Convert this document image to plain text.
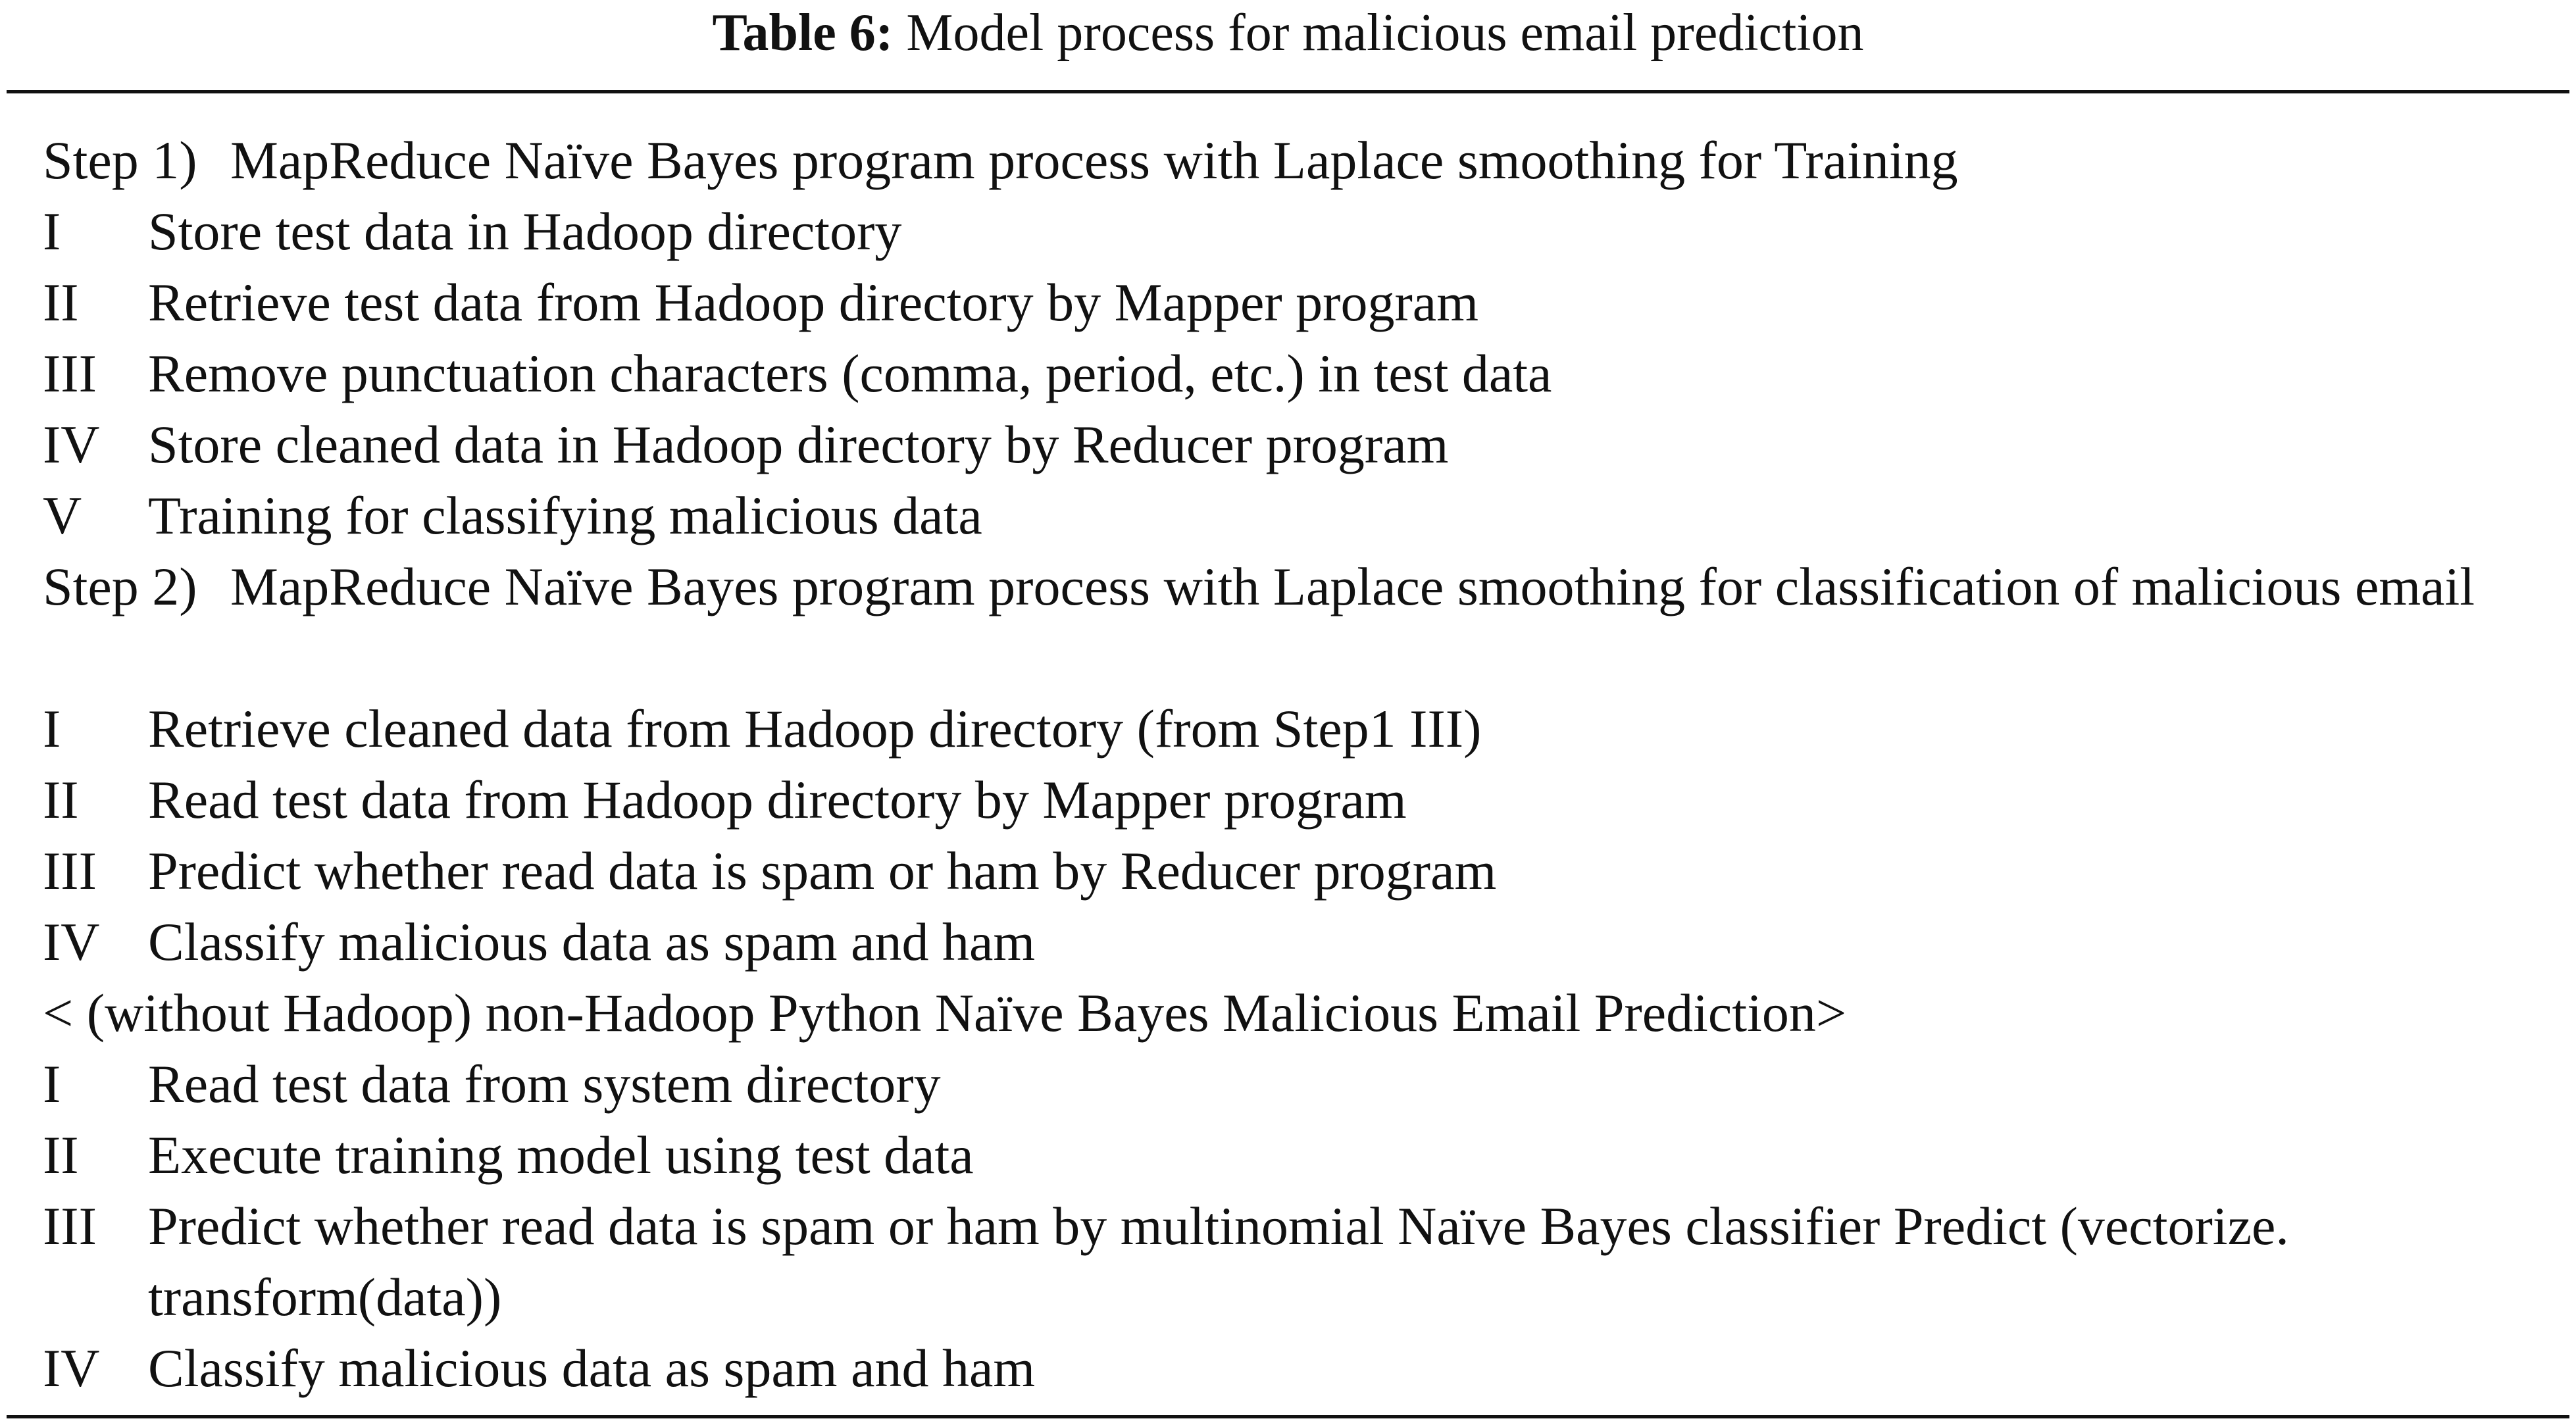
Table 6: Model process for malicious email prediction
Step 1) MapReduce Naïve Bayes program process with Laplace smoothing for Training
I Store test data in Hadoop directory
II Retrieve test data from Hadoop directory by Mapper program
III Remove punctuation characters (comma, period, etc.) in test data
IV Store cleaned data in Hadoop directory by Reducer program
V Training for classifying malicious data
Step 2) MapReduce Naïve Bayes program process with Laplace smoothing for classification of malicious email
I Retrieve cleaned data from Hadoop directory (from Step1 III)
II Read test data from Hadoop directory by Mapper program
III Predict whether read data is spam or ham by Reducer program
IV Classify malicious data as spam and ham
< (without Hadoop) non-Hadoop Python Naïve Bayes Malicious Email Prediction>
I Read test data from system directory
II Execute training model using test data
III Predict whether read data is spam or ham by multinomial Naïve Bayes classifier Predict (vectorize. transform(data))
IV Classify malicious data as spam and ham
